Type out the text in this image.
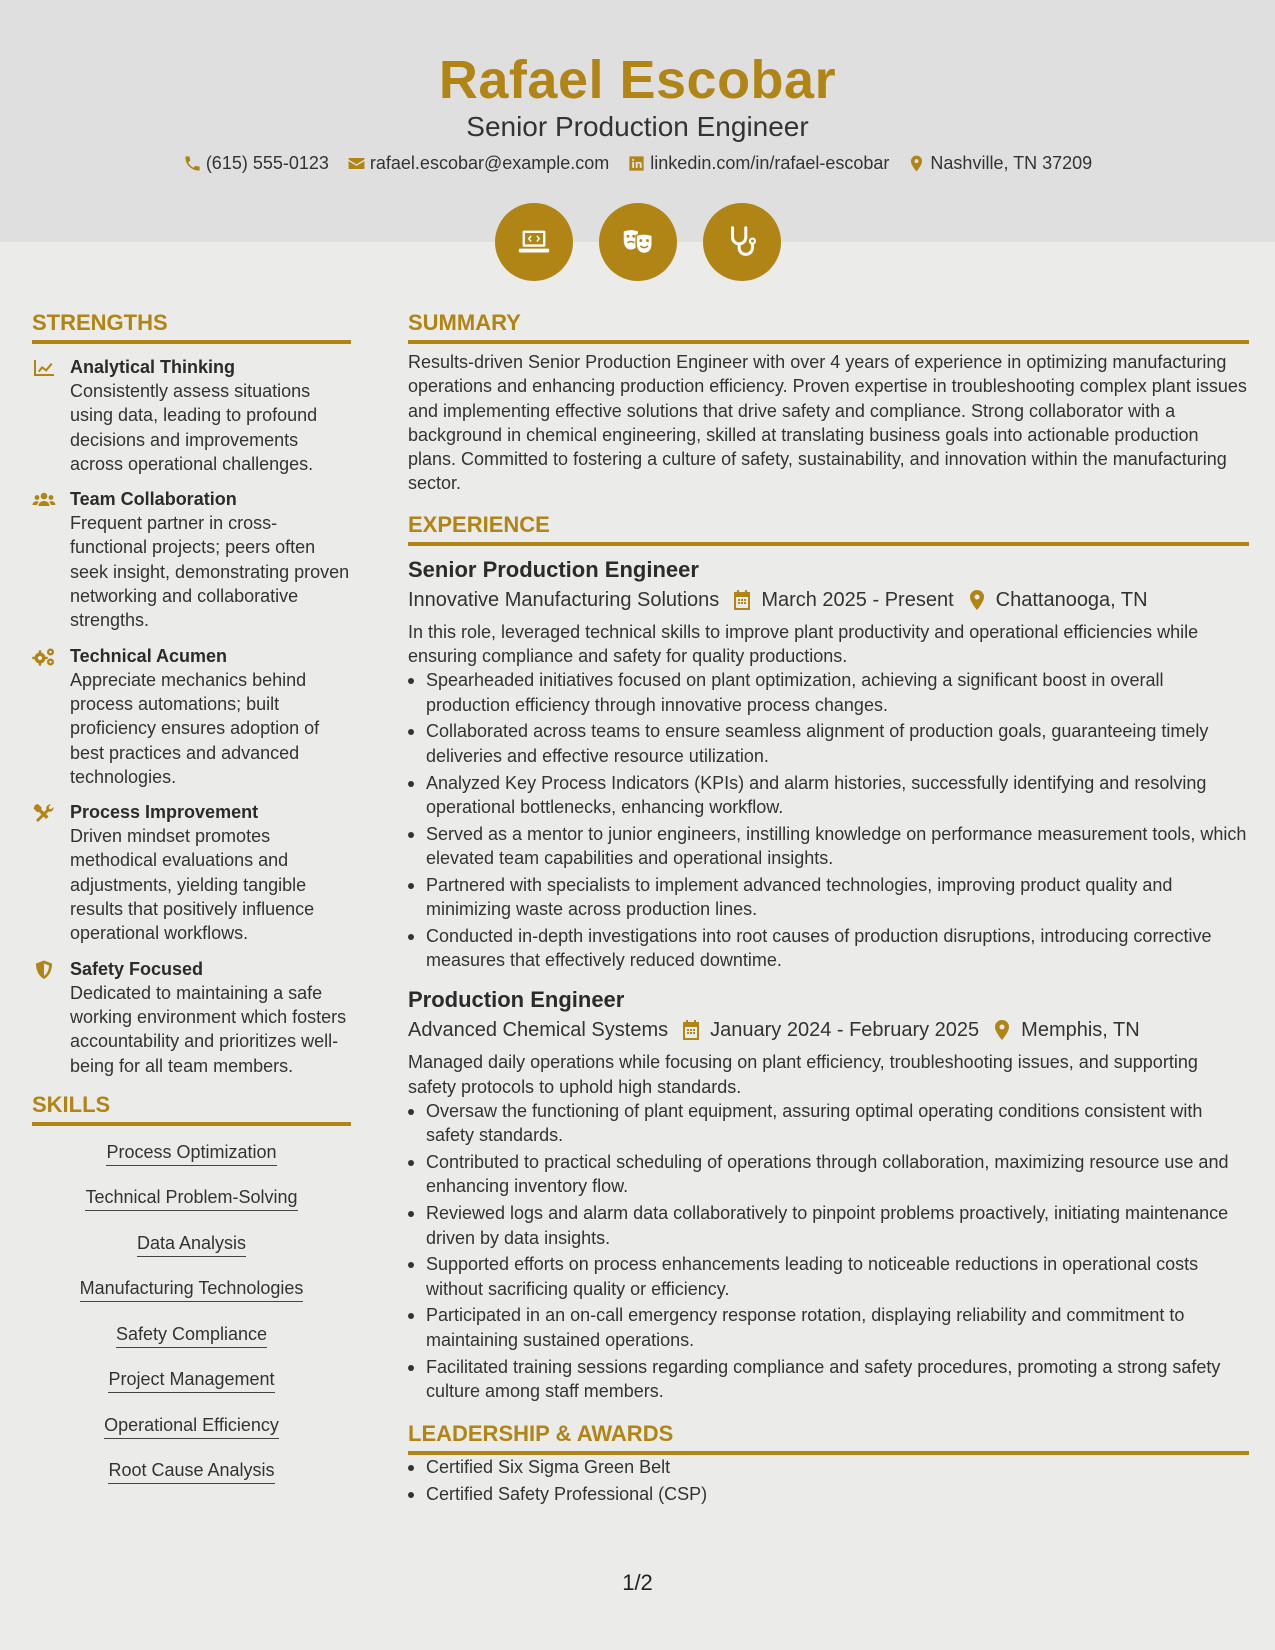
Rafael Escobar
Senior Production Engineer
(615) 555-0123 rafael.escobar@example.com linkedin.com/in/rafael-escobar Nashville, TN 37209
STRENGTHS
Analytical Thinking
Consistently assess situations using data, leading to profound decisions and improvements across operational challenges.
Team Collaboration
Frequent partner in cross-functional projects; peers often seek insight, demonstrating proven networking and collaborative strengths.
Technical Acumen
Appreciate mechanics behind process automations; built proficiency ensures adoption of best practices and advanced technologies.
Process Improvement
Driven mindset promotes methodical evaluations and adjustments, yielding tangible results that positively influence operational workflows.
Safety Focused
Dedicated to maintaining a safe working environment which fosters accountability and prioritizes well-being for all team members.
SKILLS
Process Optimization
Technical Problem-Solving
Data Analysis
Manufacturing Technologies
Safety Compliance
Project Management
Operational Efficiency
Root Cause Analysis
SUMMARY
Results-driven Senior Production Engineer with over 4 years of experience in optimizing manufacturing operations and enhancing production efficiency. Proven expertise in troubleshooting complex plant issues and implementing effective solutions that drive safety and compliance. Strong collaborator with a background in chemical engineering, skilled at translating business goals into actionable production plans. Committed to fostering a culture of safety, sustainability, and innovation within the manufacturing sector.
EXPERIENCE
Senior Production Engineer
Innovative Manufacturing Solutions March 2025 - Present Chattanooga, TN
In this role, leveraged technical skills to improve plant productivity and operational efficiencies while ensuring compliance and safety for quality productions.
Spearheaded initiatives focused on plant optimization, achieving a significant boost in overall production efficiency through innovative process changes.
Collaborated across teams to ensure seamless alignment of production goals, guaranteeing timely deliveries and effective resource utilization.
Analyzed Key Process Indicators (KPIs) and alarm histories, successfully identifying and resolving operational bottlenecks, enhancing workflow.
Served as a mentor to junior engineers, instilling knowledge on performance measurement tools, which elevated team capabilities and operational insights.
Partnered with specialists to implement advanced technologies, improving product quality and minimizing waste across production lines.
Conducted in-depth investigations into root causes of production disruptions, introducing corrective measures that effectively reduced downtime.
Production Engineer
Advanced Chemical Systems January 2024 - February 2025 Memphis, TN
Managed daily operations while focusing on plant efficiency, troubleshooting issues, and supporting safety protocols to uphold high standards.
Oversaw the functioning of plant equipment, assuring optimal operating conditions consistent with safety standards.
Contributed to practical scheduling of operations through collaboration, maximizing resource use and enhancing inventory flow.
Reviewed logs and alarm data collaboratively to pinpoint problems proactively, initiating maintenance driven by data insights.
Supported efforts on process enhancements leading to noticeable reductions in operational costs without sacrificing quality or efficiency.
Participated in an on-call emergency response rotation, displaying reliability and commitment to maintaining sustained operations.
Facilitated training sessions regarding compliance and safety procedures, promoting a strong safety culture among staff members.
LEADERSHIP & AWARDS
Certified Six Sigma Green Belt
Certified Safety Professional (CSP)
1/2
